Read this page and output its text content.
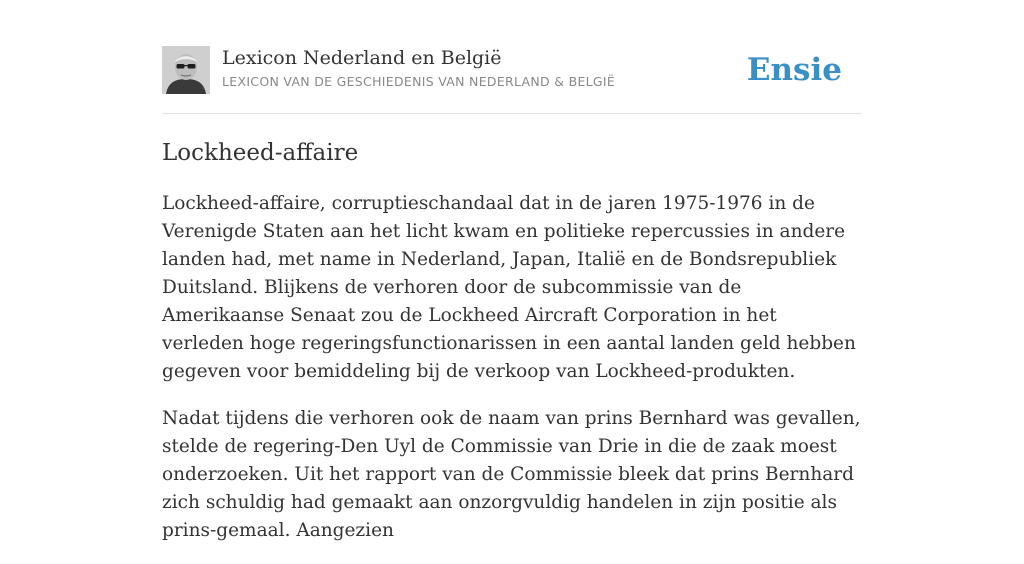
Lexicon Nederland en België
LEXICON VAN DE GESCHIEDENIS VAN NEDERLAND & BELGIË	Ensie
Lockheed-affaire

Lockheed-affaire, corruptieschandaal dat in de jaren 1975-1976 in de Verenigde Staten aan het licht kwam en politieke repercussies in andere landen had, met name in Nederland, Japan, Italië en de Bondsrepubliek Duitsland. Blijkens de verhoren door de subcommissie van de Amerikaanse Senaat zou de Lockheed Aircraft Corporation in het verleden hoge regeringsfunctionarissen in een aantal landen geld hebben gegeven voor bemiddeling bij de verkoop van Lockheed-produkten.

Nadat tijdens die verhoren ook de naam van prins Bernhard was gevallen, stelde de regering-Den Uyl de Commissie van Drie in die de zaak moest onderzoeken. Uit het rapport van de Commissie bleek dat prins Bernhard zich schuldig had gemaakt aan onzorgvuldig handelen in zijn positie als prins-gemaal. Aangezien
